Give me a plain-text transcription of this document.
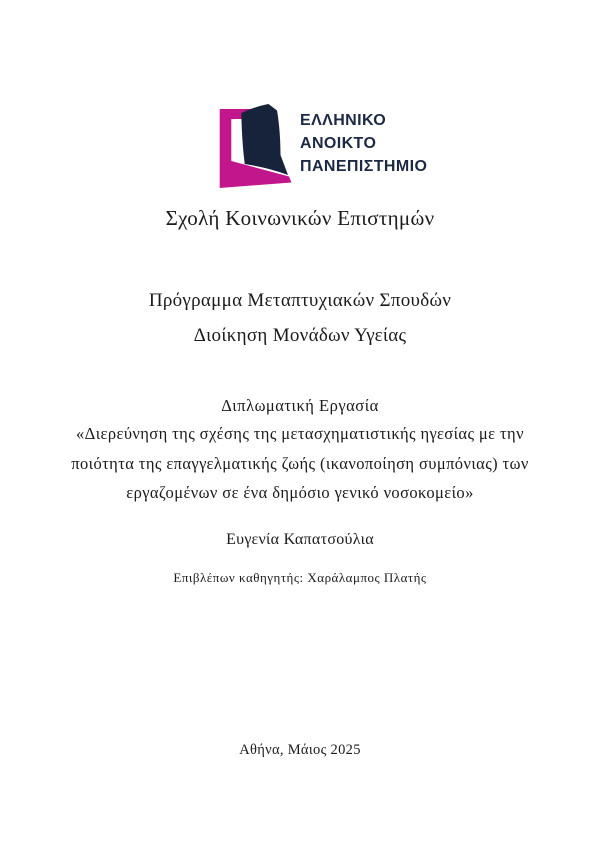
ΕΛΛΗΝΙΚΟ
ΑΝΟΙΚΤΟ
ΠΑΝΕΠΙΣΤΗΜΙΟ
Σχολή Κοινωνικών Επιστημών
Πρόγραμμα Μεταπτυχιακών Σπουδών
Διοίκηση Μονάδων Υγείας
Διπλωματική Εργασία
«Διερεύνηση της σχέσης της μετασχηματιστικής ηγεσίας με την
ποιότητα της επαγγελματικής ζωής (ικανοποίηση συμπόνιας) των
εργαζομένων σε ένα δημόσιο γενικό νοσοκομείο»
Ευγενία Καπατσούλια
Επιβλέπων καθηγητής: Χαράλαμπος Πλατής
Αθήνα, Μάιος 2025
